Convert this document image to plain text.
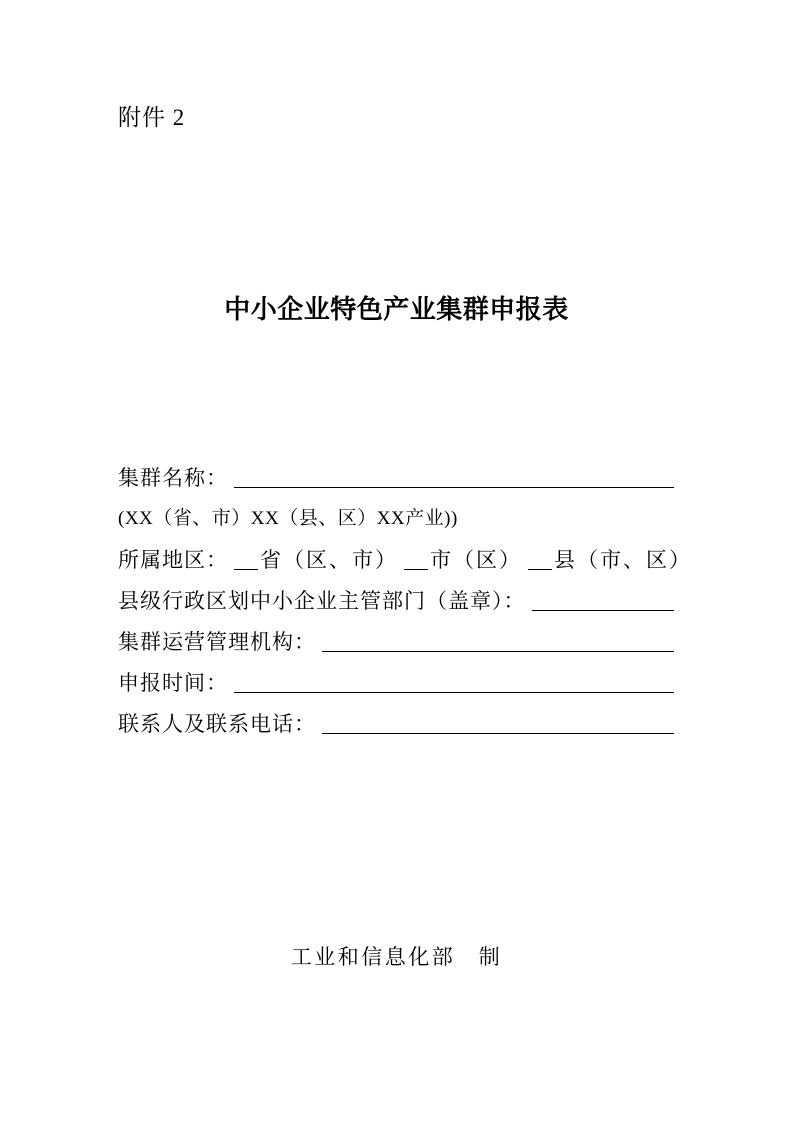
附件 2
中小企业特色产业集群申报表
集群名称：
(XX（省、市）XX（县、区）XX产业))
所属地区： 省（区、市） 市（区） 县（市、区）
县级行政区划中小企业主管部门（盖章）：
集群运营管理机构：
申报时间：
联系人及联系电话：
工业和信息化部　制
